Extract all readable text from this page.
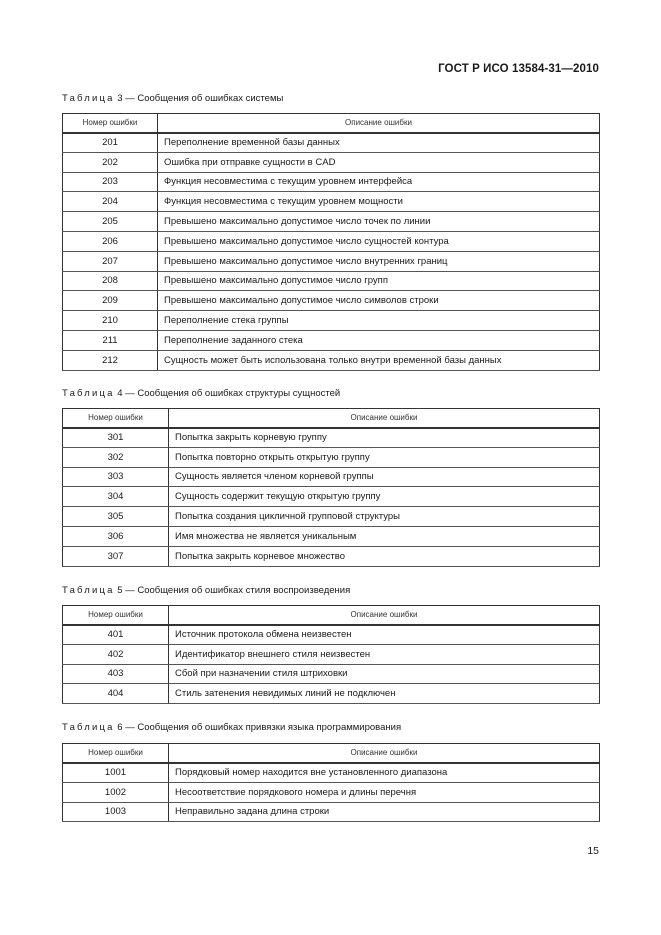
ГОСТ Р ИСО 13584-31—2010
Таблица 3 — Сообщения об ошибках системы
Номер ошибки	Описание ошибки
201	Переполнение временной базы данных
202	Ошибка при отправке сущности в CAD
203	Функция несовместима с текущим уровнем интерфейса
204	Функция несовместима с текущим уровнем мощности
205	Превышено максимально допустимое число точек по линии
206	Превышено максимально допустимое число сущностей контура
207	Превышено максимально допустимое число внутренних границ
208	Превышено максимально допустимое число групп
209	Превышено максимально допустимое число символов строки
210	Переполнение стека группы
211	Переполнение заданного стека
212	Сущность может быть использована только внутри временной базы данных
Таблица 4 — Сообщения об ошибках структуры сущностей
Номер ошибки	Описание ошибки
301	Попытка закрыть корневую группу
302	Попытка повторно открыть открытую группу
303	Сущность является членом корневой группы
304	Сущность содержит текущую открытую группу
305	Попытка создания цикличной групповой структуры
306	Имя множества не является уникальным
307	Попытка закрыть корневое множество
Таблица 5 — Сообщения об ошибках стиля воспроизведения
Номер ошибки	Описание ошибки
401	Источник протокола обмена неизвестен
402	Идентификатор внешнего стиля неизвестен
403	Сбой при назначении стиля штриховки
404	Стиль затенения невидимых линий не подключен
Таблица 6 — Сообщения об ошибках привязки языка программирования
Номер ошибки	Описание ошибки
1001	Порядковый номер находится вне установленного диапазона
1002	Несоответствие порядкового номера и длины перечня
1003	Неправильно задана длина строки
15
